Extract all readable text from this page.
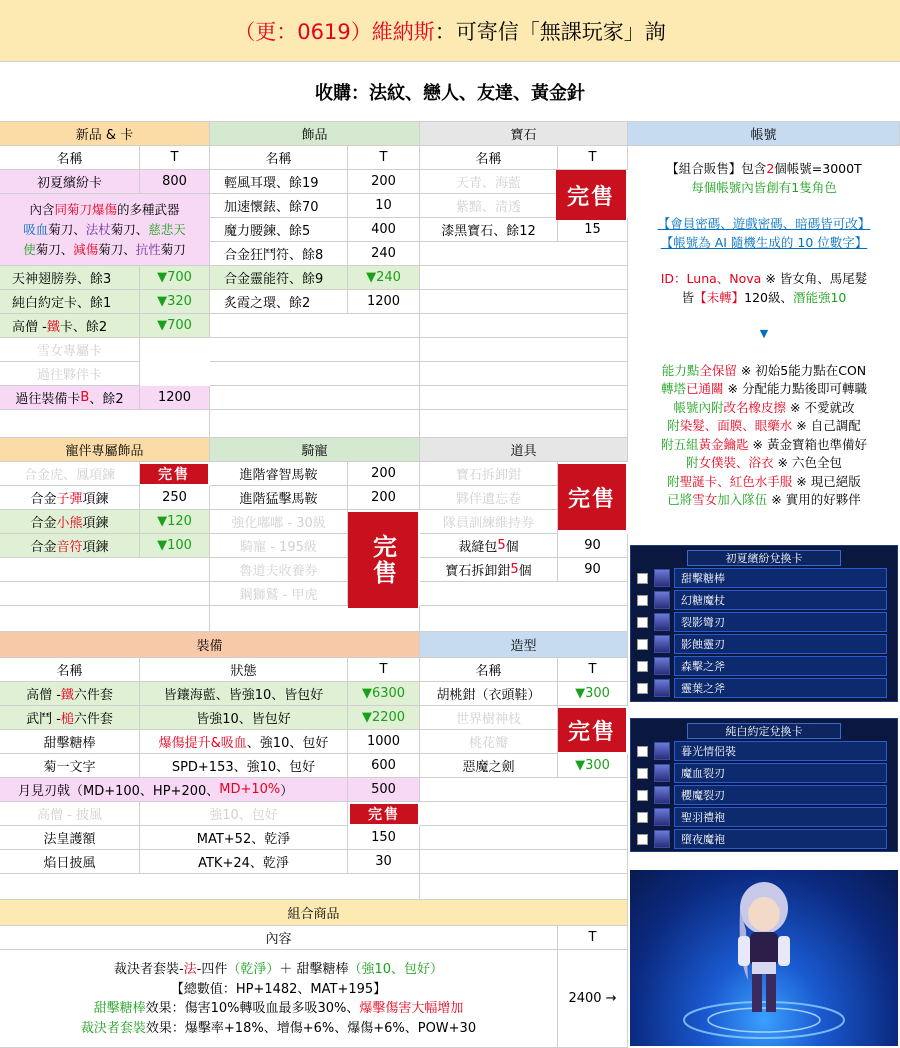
（更：0619）維納斯 ：可寄信「無課玩家」詢
收購：法紋、戀人、友達、黃金針
新品 & 卡
名稱	T
初夏繽紛卡	800
內含同菊刀爆傷的多種武器
吸血菊刀、法杖菊刀、慈悲天
使菊刀、減傷菊刀、抗性菊刀
天神翅膀券、餘3	▼700
純白約定卡、餘1	▼320
高僧 - 鐵 卡、餘2	▼700
雪女專屬卡
過往夥伴卡
過往裝備卡 B 、餘2	1200
飾品
名稱	T
輕風耳環、餘19	200
加速懷錶、餘70	10
魔力腰鍊、餘5	400
合金狂鬥符、餘8	240
合金靈能符、餘9	▼240
炙霞之環、餘2	1200
寶石
名稱	T
天青、海藍
紫黯、清透
漆黑寶石、餘12	15
完售
帳號
【組合販售】包含2個帳號=3000T
每個帳號內皆創有1隻角色
【會員密碼、遊戲密碼、暗碼皆可改】
【帳號為 AI 隨機生成的 10 位數字】
ID：Luna、Nova ※ 皆女角、馬尾髮
皆【未轉】120級、潛能強10
▼
能力點全保留 ※ 初始5能力點在CON
轉塔已通關 ※ 分配能力點後即可轉職
帳號內附改名橡皮擦 ※ 不愛就改
附染髮、面膜、眼藥水 ※ 自己調配
附五組黃金鑰匙 ※ 黃金寶箱也準備好
附女僕裝、浴衣 ※ 六色全包
附聖誕卡、紅色水手服 ※ 現已絕版
已將雪女加入隊伍 ※ 實用的好夥伴
寵伴專屬飾品
合金虎、鳳項鍊
合金 子彈 項鍊	250
合金 小熊 項鍊	▼120
合金 音符 項鍊	▼100
完售
騎寵
進階睿智馬鞍	200
進階猛擊馬鞍	200
強化嘟嘟 - 30級
騎寵 - 195級
魯道夫收養券
鋼獅鷲 - 甲虎
完售
道具
寶石拆卸鉗
夥伴遺忘卷
隊員訓練維持券
裁縫包 5 個	90
寶石拆卸鉗 5 個	90
完售
裝備
名稱	狀態	T
高僧 - 鐵 六件套	皆鑲海藍、皆強10、皆包好	▼6300
武鬥 - 槌 六件套	皆強10、皆包好	▼2200
甜擊糖棒	爆傷提升&吸血 、強10、包好	1000
菊一文字	SPD+153、強10、包好	600
月見刃戟（MD+100、HP+200、 MD+10% ）	500
高僧 - 披風	強10、包好	完售
法皇護額	MAT+52、乾淨	150
焰日披風	ATK+24、乾淨	30
造型
名稱	T
胡桃鉗（衣頭鞋）	▼300
世界樹神枝
桃花瓣
惡魔之劍	▼300
完售
組合商品
內容	T
裁決者套裝-法-四件（乾淨）＋ 甜擊糖棒（強10、包好）
【總數值：HP+1482、MAT+195】
甜擊糖棒效果：傷害10%轉吸血最多吸30%、爆擊傷害大幅增加
裁決者套裝效果：爆擊率+18%、增傷+6%、爆傷+6%、POW+30
2400 →
初夏繽紛兌換卡
甜擊糖棒
幻糖魔杖
裂影彎刃
影蝕靈刃
森擊之斧
靈葉之斧
純白約定兌換卡
暮光情侶裝
魔血裂刃
櫻魔裂刃
聖羽禮袍
墮夜魔袍
